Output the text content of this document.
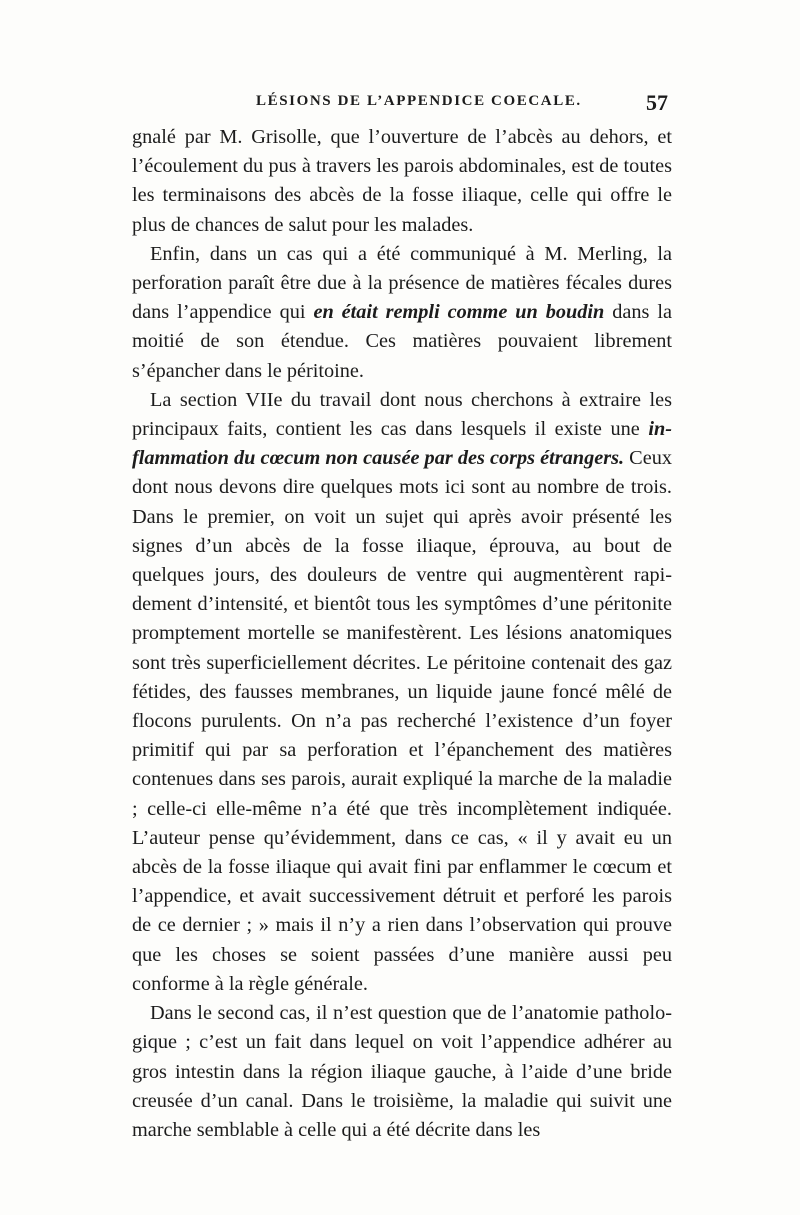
LÉSIONS DE L’APPENDICE COECALE.	57

gnalé par M. Grisolle, que l’ouverture de l’abcès au dehors, et l’écoulement du pus à travers les parois abdominales, est de toutes les terminaisons des abcès de la fosse iliaque, celle qui offre le plus de chances de salut pour les malades.

Enfin, dans un cas qui a été communiqué à M. Merling, la perforation paraît être due à la présence de matières fécales dures dans l’appendice qui en était rempli comme un boudin dans la moitié de son étendue. Ces matières pouvaient librement s’épancher dans le péritoine.

La section VIIe du travail dont nous cherchons à extraire les principaux faits, contient les cas dans lesquels il existe une inflammation du cœcum non causée par des corps étrangers. Ceux dont nous devons dire quelques mots ici sont au nombre de trois. Dans le premier, on voit un sujet qui après avoir présenté les signes d’un abcès de la fosse iliaque, éprouva, au bout de quelques jours, des douleurs de ventre qui augmentèrent rapidement d’intensité, et bientôt tous les symptômes d’une péritonite promptement mortelle se manifestèrent. Les lésions anatomiques sont très superficiellement décrites. Le péritoine contenait des gaz fétides, des fausses membranes, un liquide jaune foncé mêlé de flocons purulents. On n’a pas recherché l’existence d’un foyer primitif qui par sa perforation et l’épanchement des matières contenues dans ses parois, aurait expliqué la marche de la maladie ; celle-ci elle-même n’a été que très incomplètement indiquée. L’auteur pense qu’évidemment, dans ce cas, « il y avait eu un abcès de la fosse iliaque qui avait fini par enflammer le cœcum et l’appendice, et avait successivement détruit et perforé les parois de ce dernier ; » mais il n’y a rien dans l’observation qui prouve que les choses se soient passées d’une manière aussi peu conforme à la règle générale.

Dans le second cas, il n’est question que de l’anatomie pathologique ; c’est un fait dans lequel on voit l’appendice adhérer au gros intestin dans la région iliaque gauche, à l’aide d’une bride creusée d’un canal. Dans le troisième, la maladie qui suivit une marche semblable à celle qui a été décrite dans les
